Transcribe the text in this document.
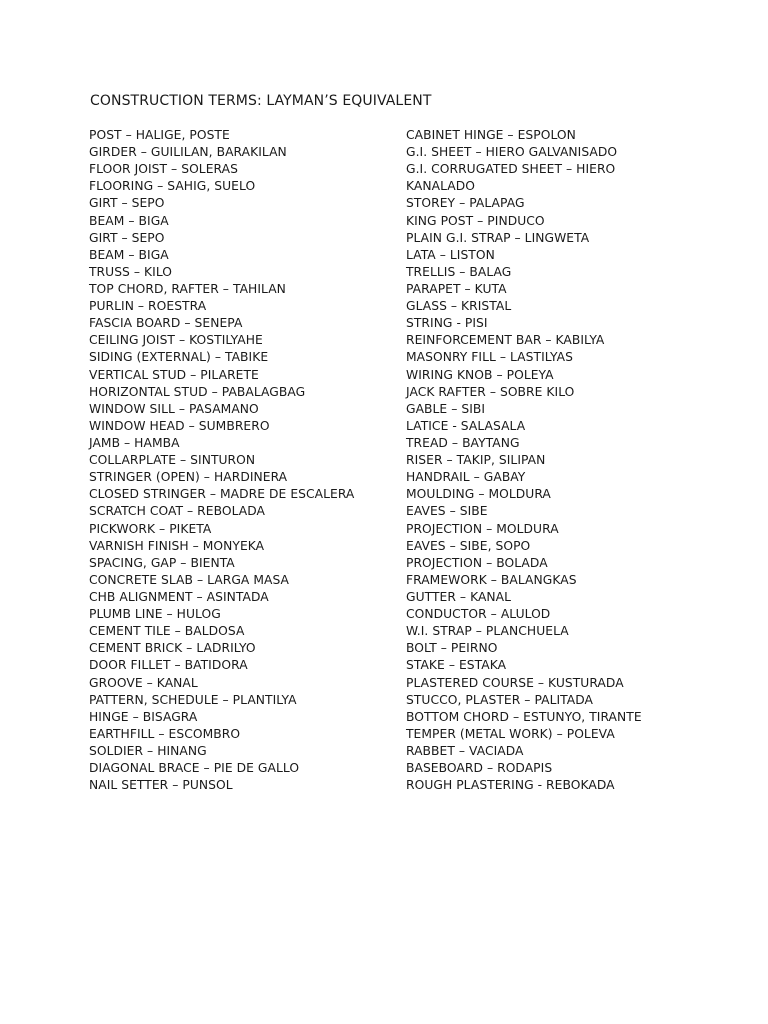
CONSTRUCTION TERMS: LAYMAN’S EQUIVALENT
POST – HALIGE, POSTE
GIRDER – GUILILAN, BARAKILAN
FLOOR JOIST – SOLERAS
FLOORING – SAHIG, SUELO
GIRT – SEPO
BEAM – BIGA
GIRT – SEPO
BEAM – BIGA
TRUSS – KILO
TOP CHORD, RAFTER – TAHILAN
PURLIN – ROESTRA
FASCIA BOARD – SENEPA
CEILING JOIST – KOSTILYAHE
SIDING (EXTERNAL) – TABIKE
VERTICAL STUD – PILARETE
HORIZONTAL STUD – PABALAGBAG
WINDOW SILL – PASAMANO
WINDOW HEAD – SUMBRERO
JAMB – HAMBA
COLLARPLATE – SINTURON
STRINGER (OPEN) – HARDINERA
CLOSED STRINGER – MADRE DE ESCALERA
SCRATCH COAT – REBOLADA
PICKWORK – PIKETA
VARNISH FINISH – MONYEKA
SPACING, GAP – BIENTA
CONCRETE SLAB – LARGA MASA
CHB ALIGNMENT – ASINTADA
PLUMB LINE – HULOG
CEMENT TILE – BALDOSA
CEMENT BRICK – LADRILYO
DOOR FILLET – BATIDORA
GROOVE – KANAL
PATTERN, SCHEDULE – PLANTILYA
HINGE – BISAGRA
EARTHFILL – ESCOMBRO
SOLDIER – HINANG
DIAGONAL BRACE – PIE DE GALLO
NAIL SETTER – PUNSOL
CABINET HINGE – ESPOLON
G.I. SHEET – HIERO GALVANISADO
G.I. CORRUGATED SHEET – HIERO
KANALADO
STOREY – PALAPAG
KING POST – PINDUCO
PLAIN G.I. STRAP – LINGWETA
LATA – LISTON
TRELLIS – BALAG
PARAPET – KUTA
GLASS – KRISTAL
STRING - PISI
REINFORCEMENT BAR – KABILYA
MASONRY FILL – LASTILYAS
WIRING KNOB – POLEYA
JACK RAFTER – SOBRE KILO
GABLE – SIBI
LATICE - SALASALA
TREAD – BAYTANG
RISER – TAKIP, SILIPAN
HANDRAIL – GABAY
MOULDING – MOLDURA
EAVES – SIBE
PROJECTION – MOLDURA
EAVES – SIBE, SOPO
PROJECTION – BOLADA
FRAMEWORK – BALANGKAS
GUTTER – KANAL
CONDUCTOR – ALULOD
W.I. STRAP – PLANCHUELA
BOLT – PEIRNO
STAKE – ESTAKA
PLASTERED COURSE – KUSTURADA
STUCCO, PLASTER – PALITADA
BOTTOM CHORD – ESTUNYO, TIRANTE
TEMPER (METAL WORK) – POLEVA
RABBET – VACIADA
BASEBOARD – RODAPIS
ROUGH PLASTERING - REBOKADA
